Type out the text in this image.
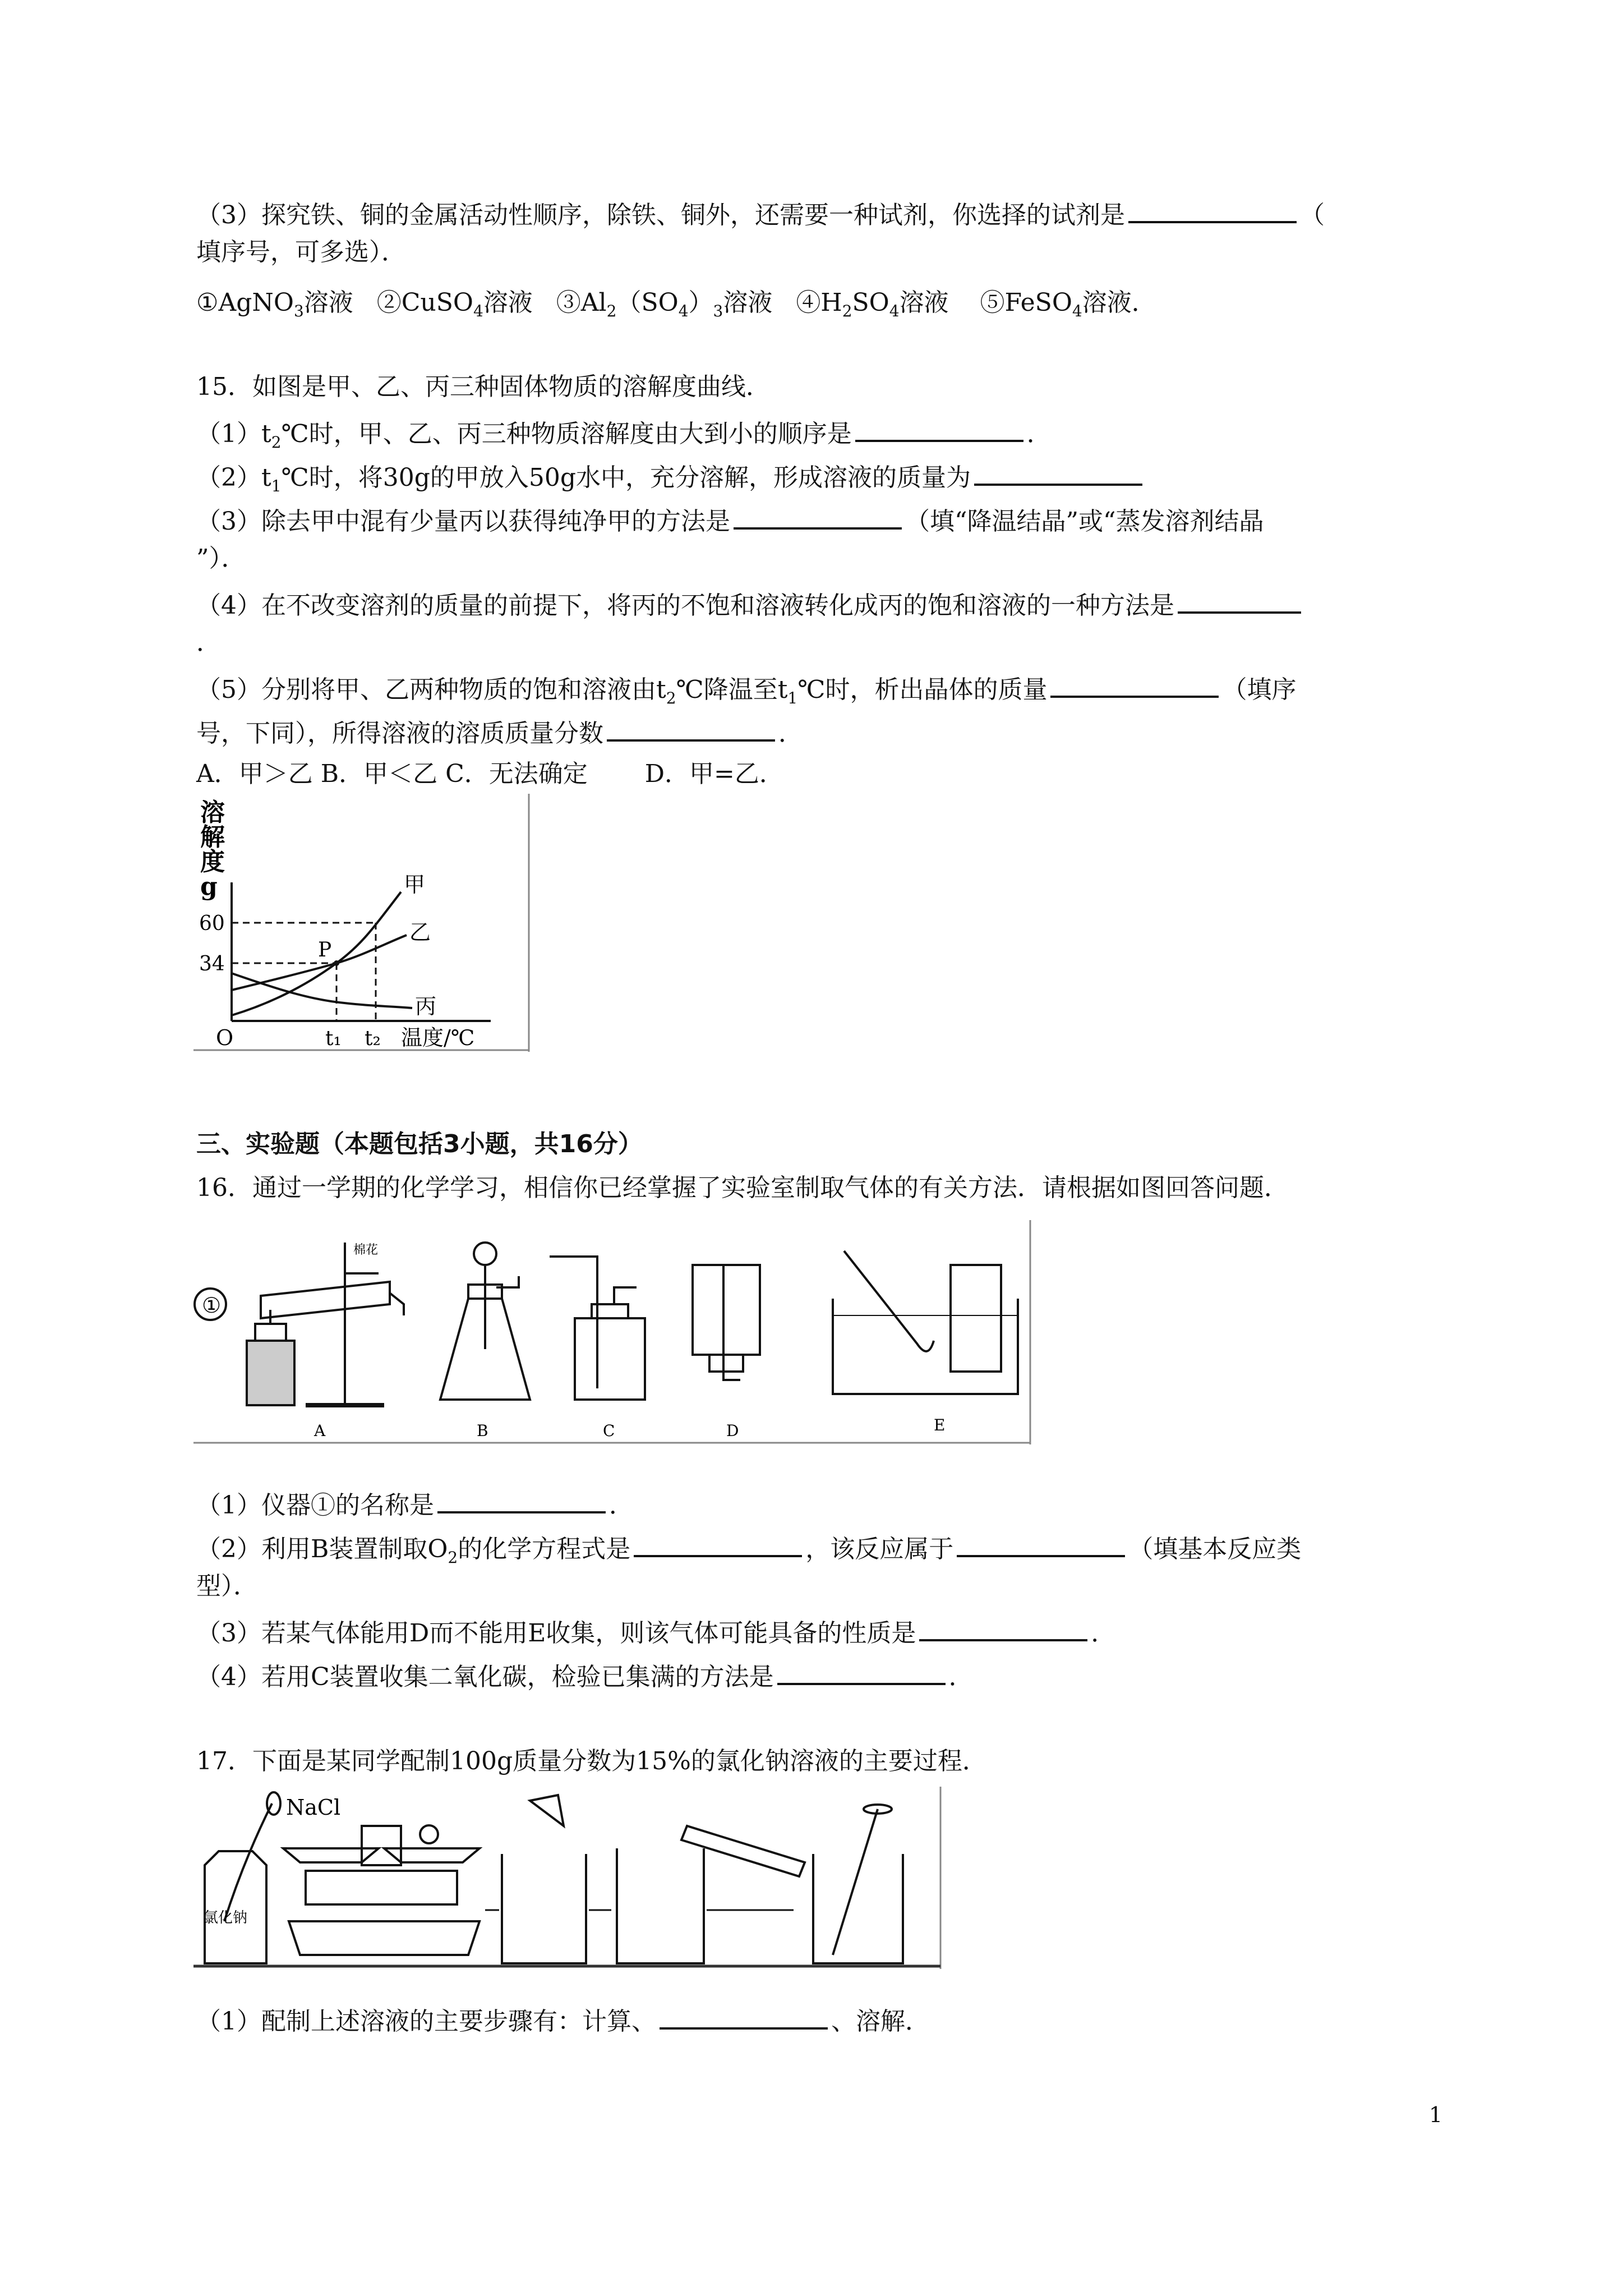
（3）探究铁、铜的金属活动性顺序，除铁、铜外，还需要一种试剂，你选择的试剂是	（
填序号，可多选）．
①AgNO$_3$溶液 ②CuSO$_4$溶液 $③Al_2(SO_4)_3$溶液 $④H_2SO_4$溶液 ⑤FeSO$_4$溶液．
15．如图是甲、乙、丙三种固体物质的溶解度曲线．
$(1)t_2℃$时，甲、乙、丙三种物质溶解度由大到小的顺序是	．
$(2)t_1℃$时，将30g的甲放入50g水中，充分溶解，形成溶液的质量为
（3）除去甲中混有少量丙以获得纯净甲的方法是	（填“降温结晶”或“蒸发溶剂结晶
”）．
（4）在不改变溶剂的质量的前提下，将丙的不饱和溶液转化成丙的饱和溶液的一种方法是
．
（5）分别将甲、乙两种物质的饱和溶液由$t_2℃$降温至$t_1℃$时，析出晶体的质量	（填序
号，下同），所得溶液的溶质质量分数	．
A．甲＞乙 B．甲＜乙 C．无法确定　　 D．甲=乙．
溶解度 g
P
60
34
O	t₁ t₂ 温度/℃
甲
乙
丙
三、实验题（本题包括3小题，共16分）
16．通过一学期的化学学习，相信你已经掌握了实验室制取气体的有关方法．请根据如图回答问题．
①
棉花
A	B	C	D	E
（1）仪器①的名称是	．
（2）利用B装置制取$O_2$的化学方程式是	，该反应属于	（填基本反应类
型）．
（3）若某气体能用D而不能用E收集，则该气体可能具备的性质是	．
（4）若用C装置收集二氧化碳，检验已集满的方法是	．
17．下面是某同学配制100g质量分数为15%的氯化钠溶液的主要过程．
氯化钠
NaCl
（1）配制上述溶液的主要步骤有：计算、	、溶解．
1
